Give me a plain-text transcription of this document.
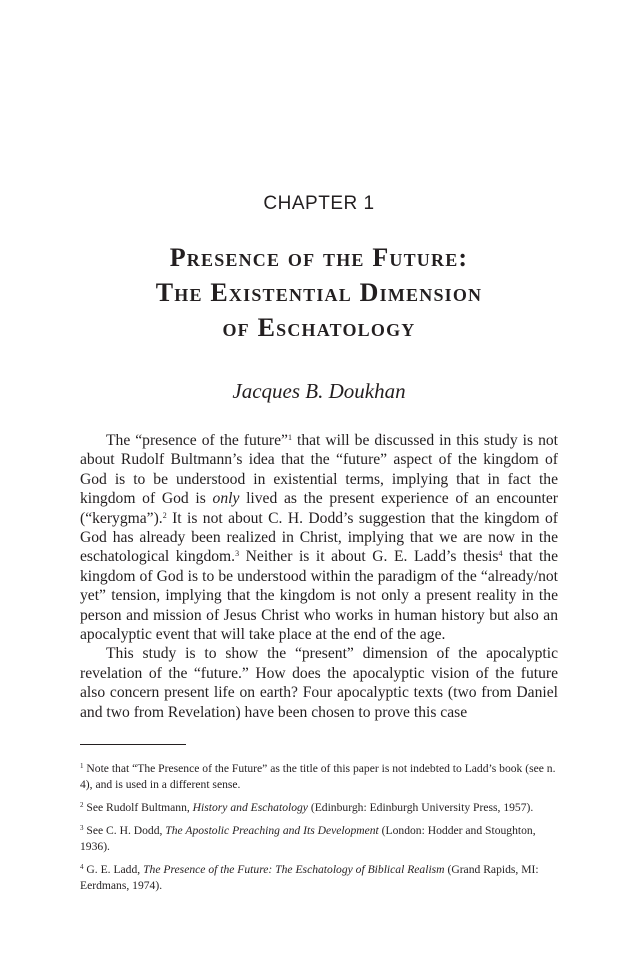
CHAPTER 1
Presence of the Future:
The Existential Dimension
of Eschatology
Jacques B. Doukhan

The “presence of the future”$^1$ that will be discussed in this study is not about Rudolf Bultmann’s idea that the “future” aspect of the kingdom of God is to be understood in existential terms, implying that in fact the kingdom of God is only lived as the present experience of an encounter (“kerygma”).$^2$ It is not about C. H. Dodd’s suggestion that the kingdom of God has already been realized in Christ, implying that we are now in the eschatological kingdom.$^3$ Neither is it about G. E. Ladd’s thesis$^4$ that the kingdom of God is to be understood within the paradigm of the “already/not yet” tension, implying that the kingdom is not only a present reality in the person and mission of Jesus Christ who works in human history but also an apocalyptic event that will take place at the end of the age.

This study is to show the “present” dimension of the apocalyptic revelation of the “future.” How does the apocalyptic vision of the future also concern present life on earth? Four apocalyptic texts (two from Daniel and two from Revelation) have been chosen to prove this case

$^1$ Note that “The Presence of the Future” as the title of this paper is not indebted to Ladd’s book (see n. 4), and is used in a different sense.

$^2$ See Rudolf Bultmann, History and Eschatology (Edinburgh: Edinburgh University Press, 1957).

$^3$ See C. H. Dodd, The Apostolic Preaching and Its Development (London: Hodder and Stoughton, 1936).

$^4$ G. E. Ladd, The Presence of the Future: The Eschatology of Biblical Realism (Grand Rapids, MI: Eerdmans, 1974).
